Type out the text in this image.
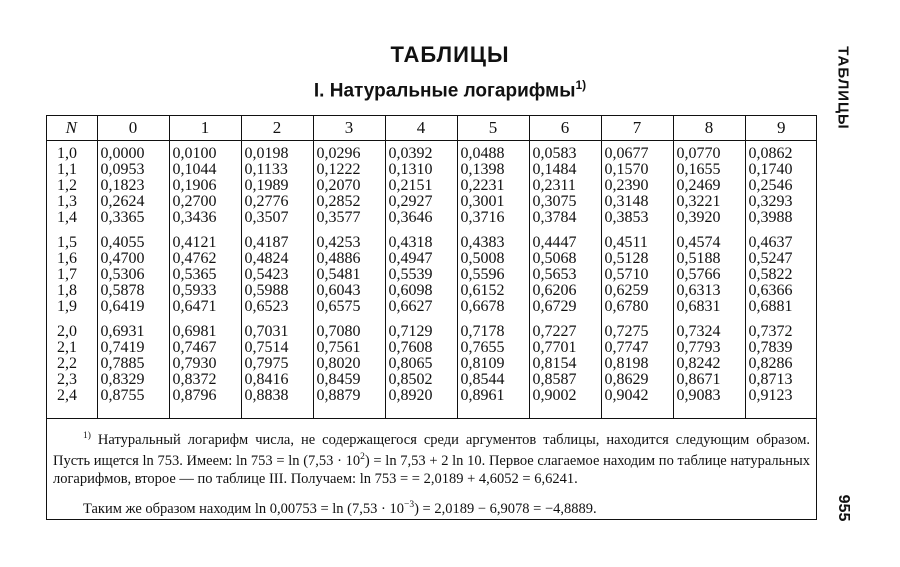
ТАБЛИЦЫ
I. Натуральные логарифмы$^{1)}$	ТАБЛИЦЫ
955
N	0	1	2	3	4	5	6	7	8	9
1,0	0,0000	0,0100	0,0198	0,0296	0,0392	0,0488	0,0583	0,0677	0,0770	0,0862
1,1	0,0953	0,1044	0,1133	0,1222	0,1310	0,1398	0,1484	0,1570	0,1655	0,1740
1,2	0,1823	0,1906	0,1989	0,2070	0,2151	0,2231	0,2311	0,2390	0,2469	0,2546
1,3	0,2624	0,2700	0,2776	0,2852	0,2927	0,3001	0,3075	0,3148	0,3221	0,3293
1,4	0,3365	0,3436	0,3507	0,3577	0,3646	0,3716	0,3784	0,3853	0,3920	0,3988
1,5	0,4055	0,4121	0,4187	0,4253	0,4318	0,4383	0,4447	0,4511	0,4574	0,4637
1,6	0,4700	0,4762	0,4824	0,4886	0,4947	0,5008	0,5068	0,5128	0,5188	0,5247
1,7	0,5306	0,5365	0,5423	0,5481	0,5539	0,5596	0,5653	0,5710	0,5766	0,5822
1,8	0,5878	0,5933	0,5988	0,6043	0,6098	0,6152	0,6206	0,6259	0,6313	0,6366
1,9	0,6419	0,6471	0,6523	0,6575	0,6627	0,6678	0,6729	0,6780	0,6831	0,6881
2,0	0,6931	0,6981	0,7031	0,7080	0,7129	0,7178	0,7227	0,7275	0,7324	0,7372
2,1	0,7419	0,7467	0,7514	0,7561	0,7608	0,7655	0,7701	0,7747	0,7793	0,7839
2,2	0,7885	0,7930	0,7975	0,8020	0,8065	0,8109	0,8154	0,8198	0,8242	0,8286
2,3	0,8329	0,8372	0,8416	0,8459	0,8502	0,8544	0,8587	0,8629	0,8671	0,8713
2,4	0,8755	0,8796	0,8838	0,8879	0,8920	0,8961	0,9002	0,9042	0,9083	0,9123
$^{1)}$ Натуральный логарифм числа, не содержащегося среди аргументов таблицы, находится следующим образом. Пусть ищется ln 753. Имеем: $\ln 753 = \ln (7,53 \cdot 10^2) = \ln 7,53 + 2$ ln 10. Первое слагаемое находим по таблице натуральных логарифмов, второе — по таблице III. Получаем: ln 753 = = 2,0189 + 4,6052 = 6,6241.
Таким же образом находим $\ln 0,00753 = \ln (7,53 \cdot 10^{-3}) = 2,0189 - 6,9078 = -4,8889$.
